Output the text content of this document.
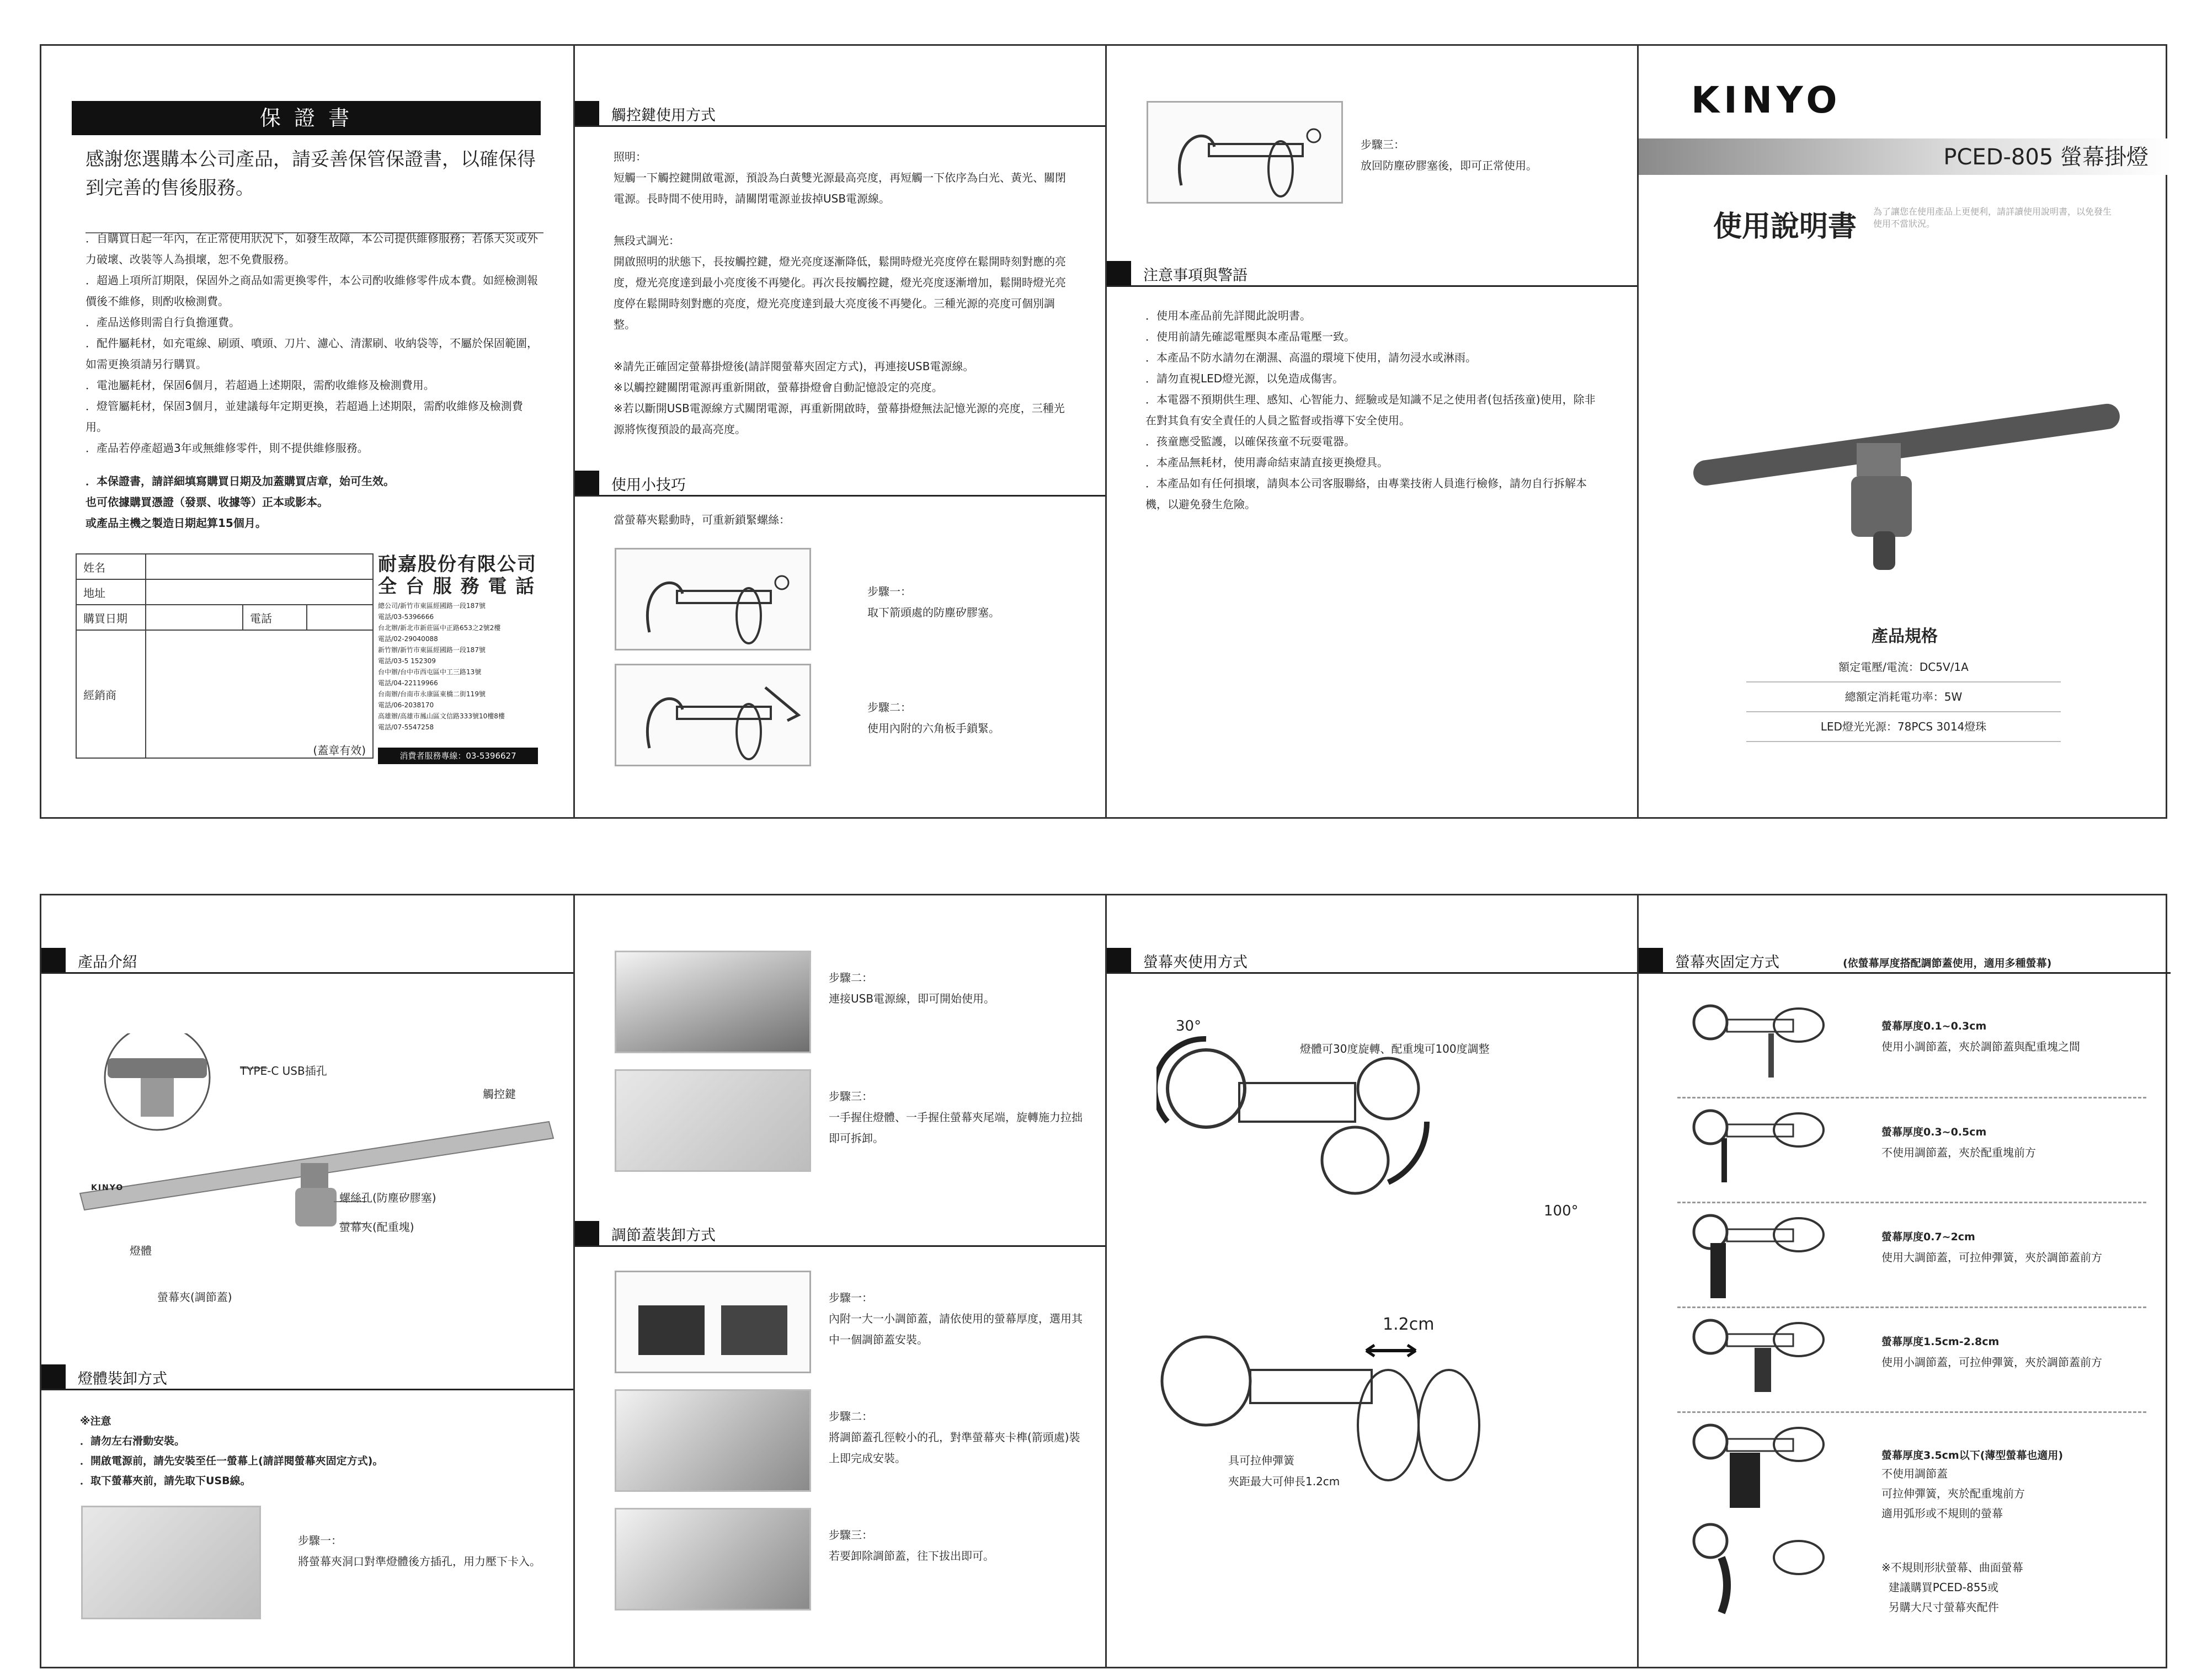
保 證 書
感謝您選購本公司產品，請妥善保管保證書，以確保得到完善的售後服務。
．自購買日起一年內，在正常使用狀況下，如發生故障，本公司提供維修服務；若係天災或外力破壞、改裝等人為損壞，恕不免費服務。
．超過上項所訂期限，保固外之商品如需更換零件，本公司酌收維修零件成本費。如經檢測報價後不維修，則酌收檢測費。
．產品送修則需自行負擔運費。
．配件屬耗材，如充電線、刷頭、噴頭、刀片、濾心、清潔刷、收納袋等，不屬於保固範圍，如需更換須請另行購買。
．電池屬耗材，保固6個月，若超過上述期限，需酌收維修及檢測費用。
．燈管屬耗材，保固3個月，並建議每年定期更換，若超過上述期限，需酌收維修及檢測費用。
．產品若停產超過3年或無維修零件，則不提供維修服務。
．本保證書，請詳細填寫購買日期及加蓋購買店章，始可生效。
也可依據購買憑證（發票、收據等）正本或影本。
或產品主機之製造日期起算15個月。
姓名			
地址			
購買日期		電話	
經銷商	(蓋章有效)		
耐嘉股份有限公司
全 台 服 務 電 話
總公司/新竹市東區經國路一段187號
電話/03-5396666
台北辦/新北市新莊區中正路653之2號2樓
電話/02-29040088
新竹辦/新竹市東區經國路一段187號
電話/03-5 152309
台中辦/台中市西屯區中工三路13號
電話/04-22119966
台南辦/台南市永康區東橋二街119號
電話/06-2038170
高雄辦/高雄市鳳山區文信路333號10樓8樓
電話/07-5547258
消費者服務專線：03-5396627
觸控鍵使用方式
照明：
短觸一下觸控鍵開啟電源，預設為白黃雙光源最高亮度，再短觸一下依序為白光、黃光、關閉電源。長時間不使用時，請關閉電源並拔掉USB電源線。

無段式調光：
開啟照明的狀態下，長按觸控鍵，燈光亮度逐漸降低，鬆開時燈光亮度停在鬆開時刻對應的亮度，燈光亮度達到最小亮度後不再變化。再次長按觸控鍵，燈光亮度逐漸增加，鬆開時燈光亮度停在鬆開時刻對應的亮度，燈光亮度達到最大亮度後不再變化。三種光源的亮度可個別調整。

※請先正確固定螢幕掛燈後(請詳閱螢幕夾固定方式)，再連接USB電源線。
※以觸控鍵關閉電源再重新開啟，螢幕掛燈會自動記憶設定的亮度。
※若以斷開USB電源線方式關閉電源，再重新開啟時，螢幕掛燈無法記憶光源的亮度，三種光源將恢復預設的最高亮度。
使用小技巧
當螢幕夾鬆動時，可重新鎖緊螺絲：
步驟一：
取下箭頭處的防塵矽膠塞。
步驟二：
使用內附的六角板手鎖緊。
步驟三：
放回防塵矽膠塞後，即可正常使用。
注意事項與警語
．使用本產品前先詳閱此說明書。
．使用前請先確認電壓與本產品電壓一致。
．本產品不防水請勿在潮濕、高溫的環境下使用，請勿浸水或淋雨。
．請勿直視LED燈光源，以免造成傷害。
．本電器不預期供生理、感知、心智能力、經驗或是知識不足之使用者(包括孩童)使用，除非在對其負有安全責任的人員之監督或指導下安全使用。
．孩童應受監護，以確保孩童不玩耍電器。
．本產品無耗材，使用壽命結束請直接更換燈具。
．本產品如有任何損壞，請與本公司客服聯絡，由專業技術人員進行檢修，請勿自行拆解本機，以避免發生危險。
KINYO
PCED-805 螢幕掛燈
使用說明書 為了讓您在使用產品上更便利，請詳讀使用說明書，以免發生使用不當狀況。
KINYO
產品規格
額定電壓/電流：DC5V/1A
總額定消耗電功率：5W
LED燈光光源：78PCS 3014燈珠
產品介紹
KINYO
TYPE-C USB插孔
觸控鍵
螺絲孔(防塵矽膠塞)
螢幕夾(配重塊)
燈體
螢幕夾(調節蓋)
燈體裝卸方式
※注意
．請勿左右滑動安裝。
．開啟電源前，請先安裝至任一螢幕上(請詳閱螢幕夾固定方式)。
．取下螢幕夾前，請先取下USB線。
步驟一：
將螢幕夾洞口對準燈體後方插孔，用力壓下卡入。
步驟二：
連接USB電源線，即可開始使用。
步驟三：
一手握住燈體、一手握住螢幕夾尾端，旋轉施力拉拙即可拆卸。
調節蓋裝卸方式
步驟一：
內附一大一小調節蓋，請依使用的螢幕厚度，選用其中一個調節蓋安裝。
步驟二：
將調節蓋孔徑較小的孔，對準螢幕夾卡榫(箭頭處)裝上即完成安裝。
步驟三：
若要卸除調節蓋，往下拔出即可。
螢幕夾使用方式
30°
燈體可30度旋轉、配重塊可100度調整
100°
1.2cm
具可拉伸彈簧
夾距最大可伸長1.2cm
螢幕夾固定方式	(依螢幕厚度搭配調節蓋使用，適用多種螢幕)
螢幕厚度0.1~0.3cm
使用小調節蓋，夾於調節蓋與配重塊之間
螢幕厚度0.3~0.5cm
不使用調節蓋，夾於配重塊前方
螢幕厚度0.7~2cm
使用大調節蓋，可拉伸彈簧，夾於調節蓋前方
螢幕厚度1.5cm-2.8cm
使用小調節蓋，可拉伸彈簧，夾於調節蓋前方
螢幕厚度3.5cm以下(薄型螢幕也適用)
不使用調節蓋
可拉伸彈簧，夾於配重塊前方
適用弧形或不規則的螢幕
※不規則形狀螢幕、曲面螢幕
建議購買PCED-855或
另購大尺寸螢幕夾配件
